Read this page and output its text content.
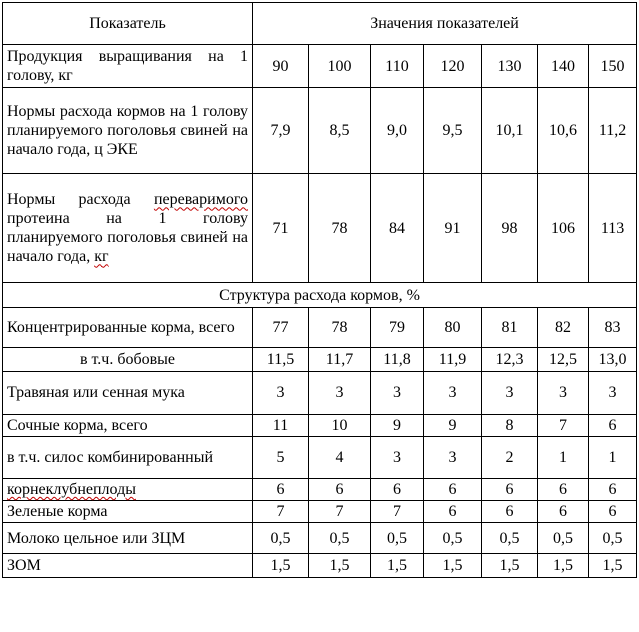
Показатель	Значения показателей						
Продукция выращивания на 1 голову, кг	90	100	110	120	130	140	150
Нормы расхода кормов на 1 голову планируемого поголовья свиней на начало года, ц ЭКЕ	7,9	8,5	9,0	9,5	10,1	10,6	11,2
Нормы расхода переваримого протеина на 1 голову планируемого поголовья свиней на начало года, кг	71	78	84	91	98	106	113
Структура расхода кормов, %							
Концентрированные корма, всего	77	78	79	80	81	82	83
в т.ч. бобовые	11,5	11,7	11,8	11,9	12,3	12,5	13,0
Травяная или сенная мука	3	3	3	3	3	3	3
Сочные корма, всего	11	10	9	9	8	7	6
в т.ч. силос комбинированный	5	4	3	3	2	1	1
корнеклубнеплоды	6	6	6	6	6	6	6
Зеленые корма	7	7	7	6	6	6	6
Молоко цельное или ЗЦМ	0,5	0,5	0,5	0,5	0,5	0,5	0,5
ЗОМ	1,5	1,5	1,5	1,5	1,5	1,5	1,5
